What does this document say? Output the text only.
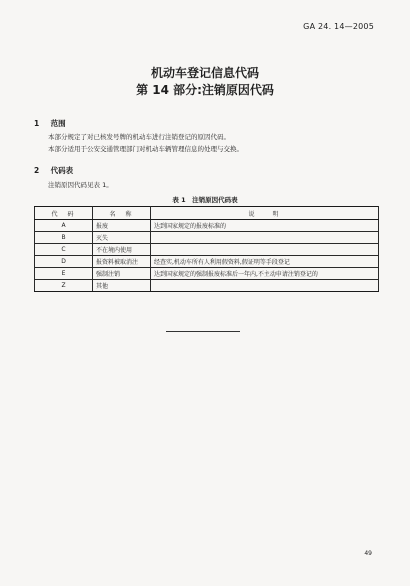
GA 24. 14—2005
机动车登记信息代码
第 14 部分:注销原因代码
1 范围
本部分规定了对已核发号牌的机动车进行注销登记的原因代码。
本部分适用于公安交通管理部门对机动车辆管理信息的处理与交换。
2 代码表
注销原因代码见表 1。
表 1　注销原因代码表
代　码	名　称	说　　明
A	报废	达到国家规定的报废标准的
B	灭失	
C	不在境内使用	
D	报资料被取消注	经查实,机动车所有人利用假资料,假证明等手段登记
E	强制注销	达到国家规定的强制报废标准后一年内,不主动申请注销登记的
Z	其他	
49
